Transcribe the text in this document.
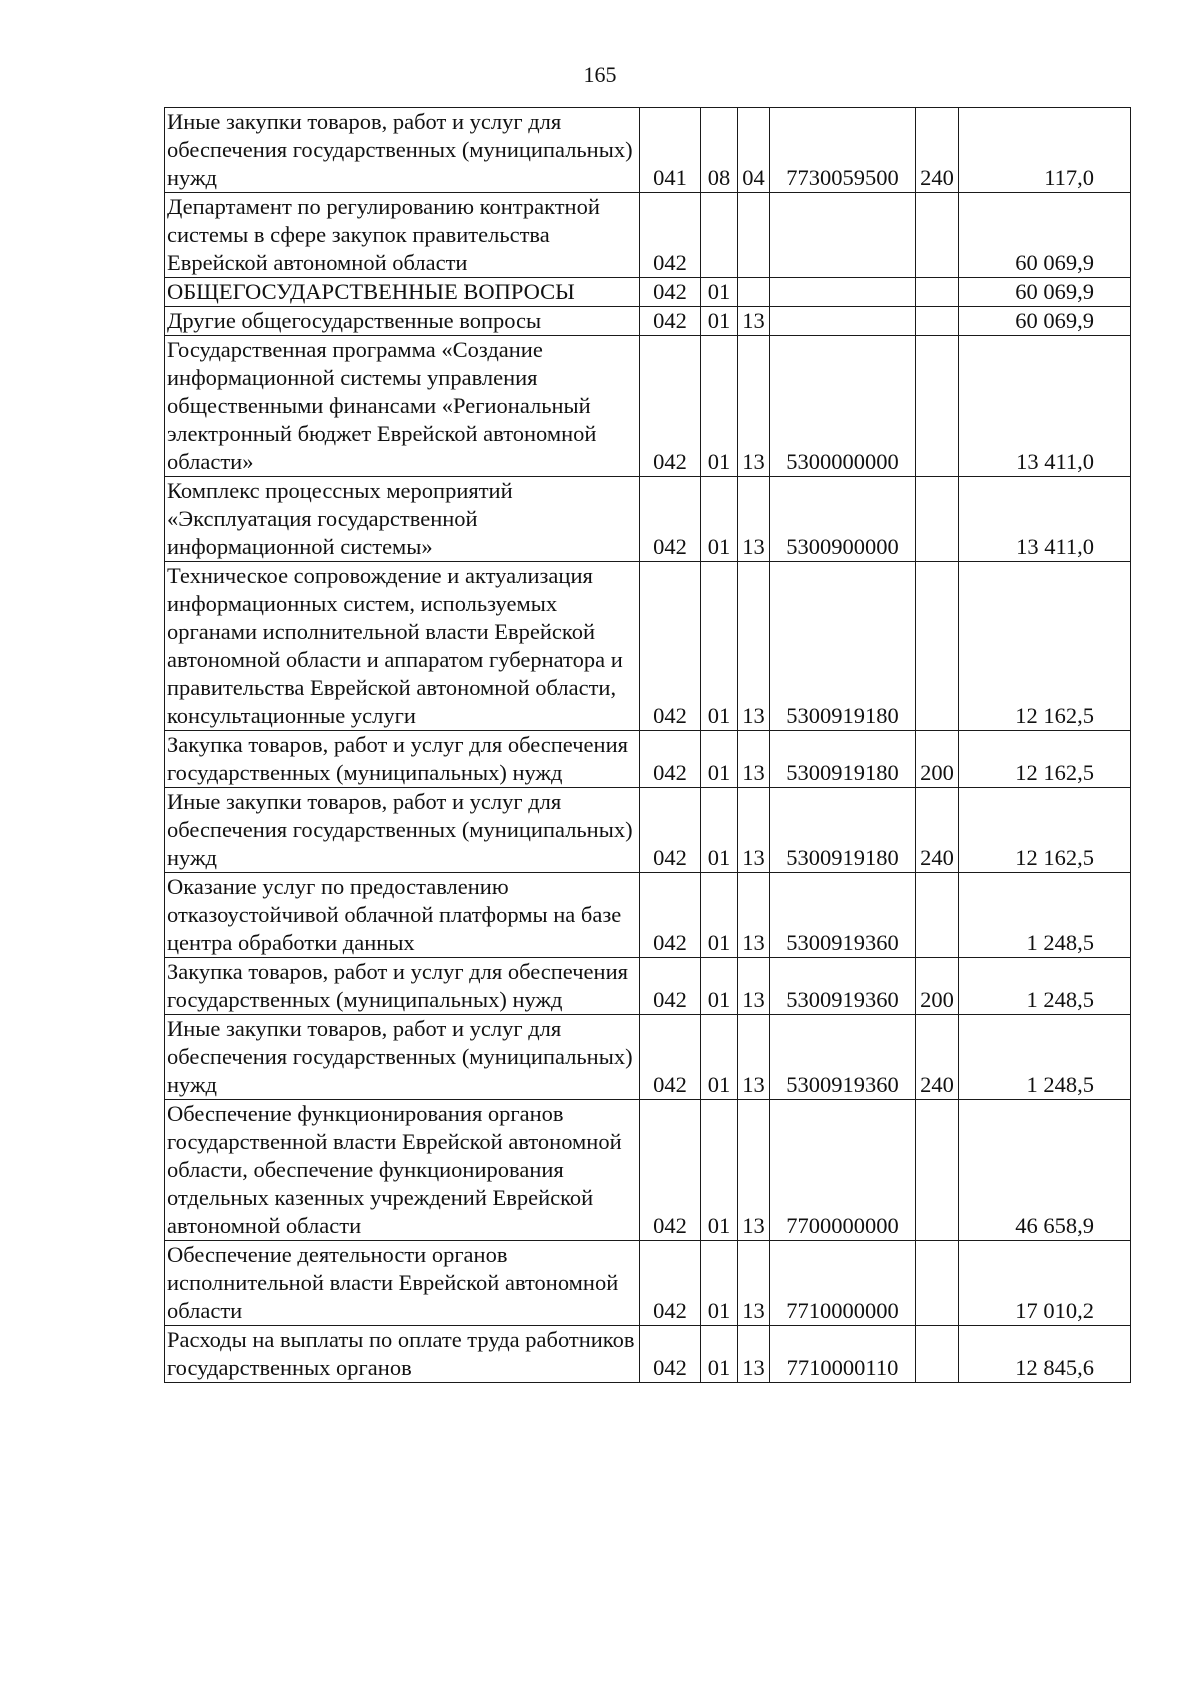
165
Иные закупки товаров, работ и услуг для обеспечения государственных (муниципальных) нужд	041	08	04	7730059500	240	117,0
Департамент по регулированию контрактной системы в сфере закупок правительства Еврейской автономной области	042					60 069,9
ОБЩЕГОСУДАРСТВЕННЫЕ ВОПРОСЫ	042	01				60 069,9
Другие общегосударственные вопросы	042	01	13			60 069,9
Государственная программа «Создание информационной системы управления общественными финансами «Региональный электронный бюджет Еврейской автономной области»	042	01	13	5300000000		13 411,0
Комплекс процессных мероприятий «Эксплуатация государственной информационной системы»	042	01	13	5300900000		13 411,0
Техническое сопровождение и актуализация информационных систем, используемых органами исполнительной власти Еврейской автономной области и аппаратом губернатора и правительства Еврейской автономной области, консультационные услуги	042	01	13	5300919180		12 162,5
Закупка товаров, работ и услуг для обеспечения государственных (муниципальных) нужд	042	01	13	5300919180	200	12 162,5
Иные закупки товаров, работ и услуг для обеспечения государственных (муниципальных) нужд	042	01	13	5300919180	240	12 162,5
Оказание услуг по предоставлению отказоустойчивой облачной платформы на базе центра обработки данных	042	01	13	5300919360		1 248,5
Закупка товаров, работ и услуг для обеспечения государственных (муниципальных) нужд	042	01	13	5300919360	200	1 248,5
Иные закупки товаров, работ и услуг для обеспечения государственных (муниципальных) нужд	042	01	13	5300919360	240	1 248,5
Обеспечение функционирования органов государственной власти Еврейской автономной области, обеспечение функционирования отдельных казенных учреждений Еврейской автономной области	042	01	13	7700000000		46 658,9
Обеспечение деятельности органов исполнительной власти Еврейской автономной области	042	01	13	7710000000		17 010,2
Расходы на выплаты по оплате труда работников государственных органов	042	01	13	7710000110		12 845,6
